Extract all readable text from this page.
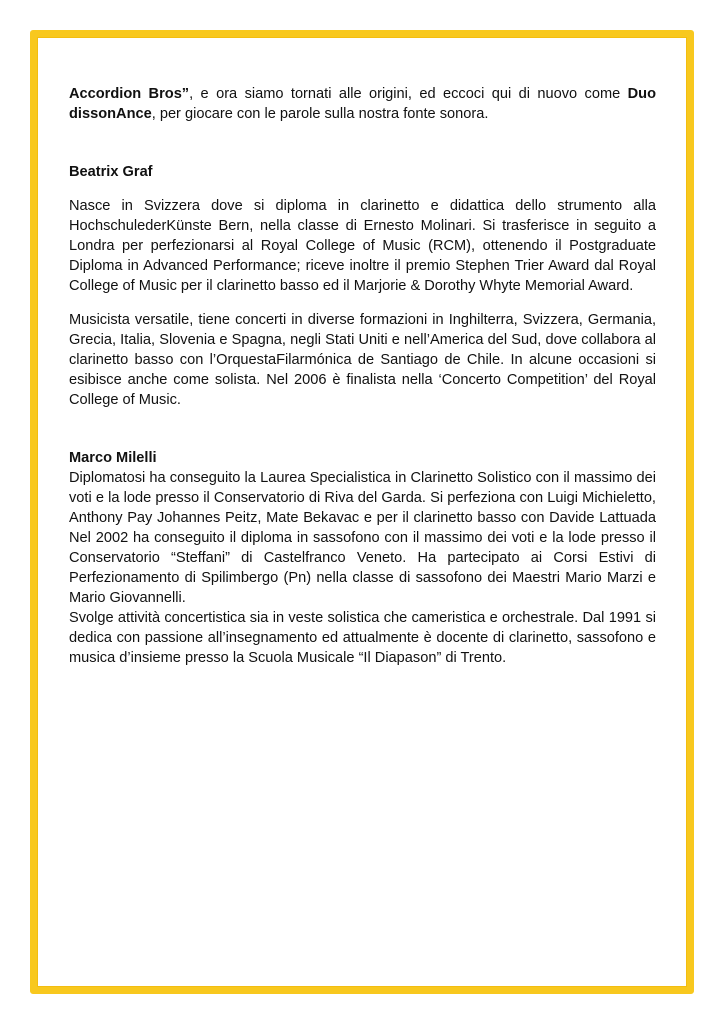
Accordion Bros”, e ora siamo tornati alle origini, ed eccoci qui di nuovo come Duo dissonAnce, per giocare con le parole sulla nostra fonte sonora.

Beatrix Graf

Nasce in Svizzera dove si diploma in clarinetto e didattica dello strumento alla HochschulederKünste Bern, nella classe di Ernesto Molinari. Si trasferisce in seguito a Londra per perfezionarsi al Royal College of Music (RCM), ottenendo il Postgraduate Diploma in Advanced Performance; riceve inoltre il premio Stephen Trier Award dal Royal College of Music per il clarinetto basso ed il Marjorie & Dorothy Whyte Memorial Award.

Musicista versatile, tiene concerti in diverse formazioni in Inghilterra, Svizzera, Germania, Grecia, Italia, Slovenia e Spagna, negli Stati Uniti e nell’America del Sud, dove collabora al clarinetto basso con l’OrquestaFilarmónica de Santiago de Chile. In alcune occasioni si esibisce anche come solista. Nel 2006 è finalista nella ‘Concerto Competition’ del Royal College of Music.

Marco Milelli

Diplomatosi ha conseguito la Laurea Specialistica in Clarinetto Solistico con il massimo dei voti e la lode presso il Conservatorio di Riva del Garda. Si perfeziona con Luigi Michieletto, Anthony Pay Johannes Peitz, Mate Bekavac e per il clarinetto basso con Davide Lattuada Nel 2002 ha conseguito il diploma in sassofono con il massimo dei voti e la lode presso il Conservatorio “Steffani” di Castelfranco Veneto. Ha partecipato ai Corsi Estivi di Perfezionamento di Spilimbergo (Pn) nella classe di sassofono dei Maestri Mario Marzi e Mario Giovannelli.

Svolge attività concertistica sia in veste solistica che cameristica e orchestrale. Dal 1991 si dedica con passione all’insegnamento ed attualmente è docente di clarinetto, sassofono e musica d’insieme presso la Scuola Musicale “Il Diapason” di Trento.
